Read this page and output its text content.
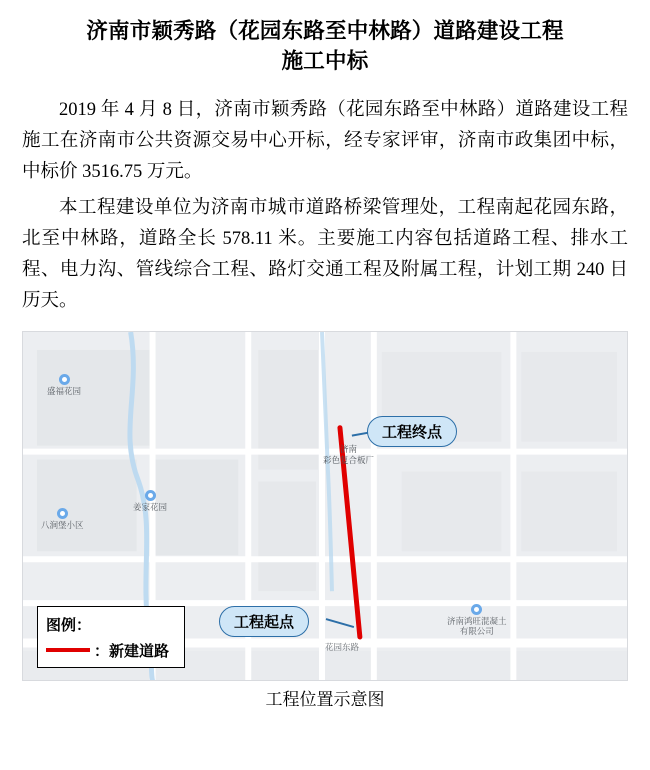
济南市颖秀路（花园东路至中林路）道路建设工程
施工中标

2019 年 4 月 8 日，济南市颖秀路（花园东路至中林路）道路建设工程施工在济南市公共资源交易中心开标，经专家评审，济南市政集团中标，中标价 3516.75 万元。

本工程建设单位为济南市城市道路桥梁管理处，工程南起花园东路，北至中林路，道路全长 578.11 米。主要施工内容包括道路工程、排水工程、电力沟、管线综合工程、路灯交通工程及附属工程，计划工期 240 日历天。

盛福花园
八涧堡小区
姜家花园
济南鸿旺混凝土
有限公司
济南
彩色复合板厂
花园东路
工程终点
工程起点
图例：
：新建道路
工程位置示意图
